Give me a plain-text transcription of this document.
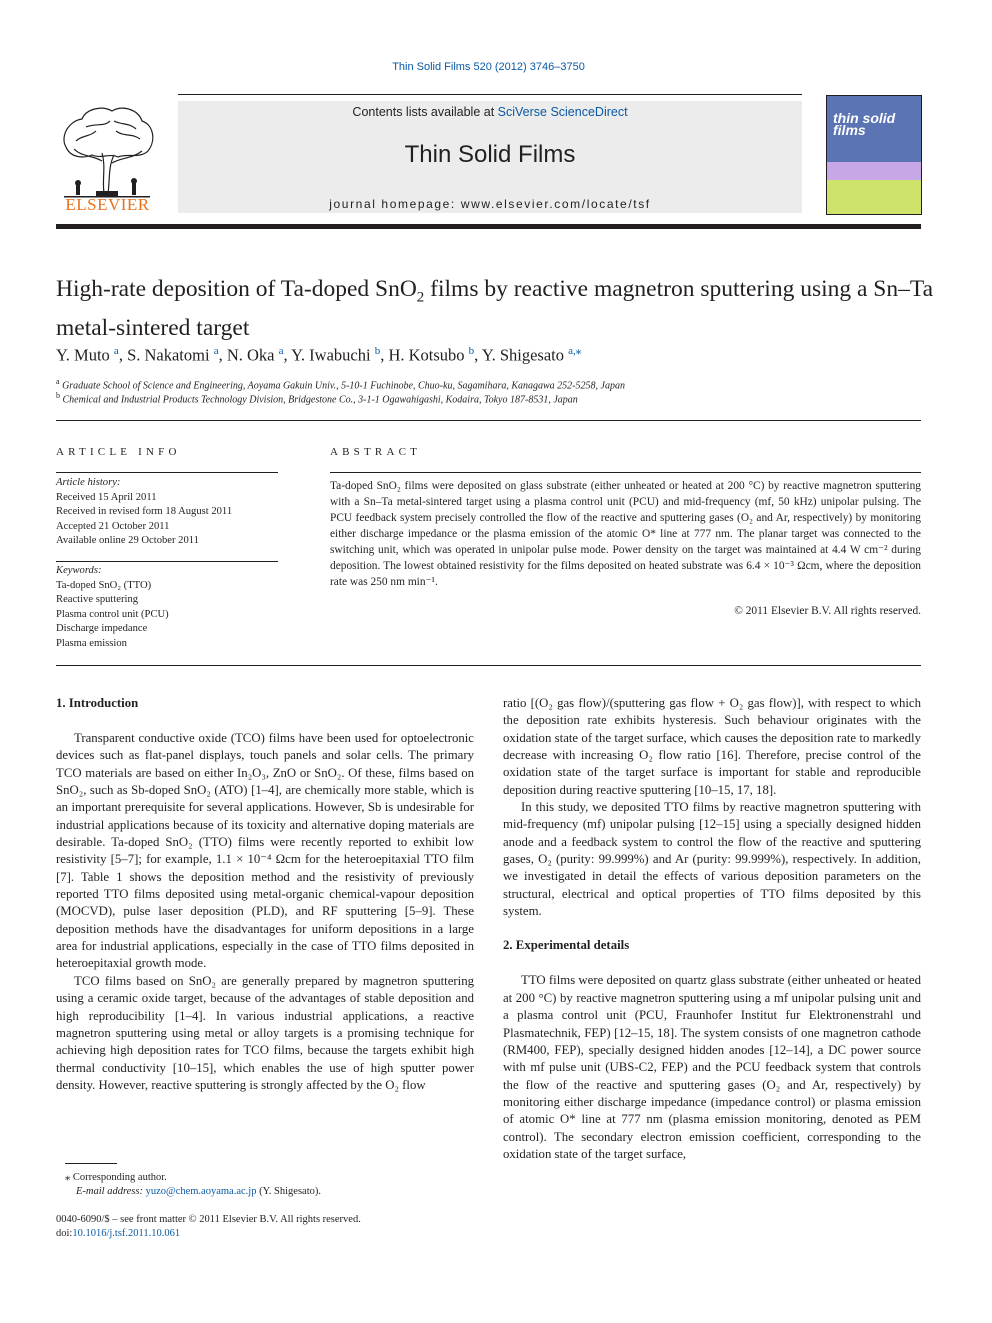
Thin Solid Films 520 (2012) 3746–3750
Contents lists available at SciVerse ScienceDirect
Thin Solid Films
journal homepage: www.elsevier.com/locate/tsf
ELSEVIER
thin solid films
High-rate deposition of Ta-doped SnO$_2$ films by reactive magnetron sputtering using a Sn–Ta metal-sintered target
Y. Muto $^a$, S. Nakatomi $^a$, N. Oka $^a$, Y. Iwabuchi $^b$, H. Kotsubo $^b$, Y. Shigesato $^{a,⁎}$
$^a$ Graduate School of Science and Engineering, Aoyama Gakuin Univ., 5-10-1 Fuchinobe, Chuo-ku, Sagamihara, Kanagawa 252-5258, Japan
$^b$ Chemical and Industrial Products Technology Division, Bridgestone Co., 3-1-1 Ogawahigashi, Kodaira, Tokyo 187-8531, Japan
ARTICLE INFO	ABSTRACT
Article history:
Received 15 April 2011
Received in revised form 18 August 2011
Accepted 21 October 2011
Available online 29 October 2011
Keywords:
Ta-doped SnO₂ (TTO)
Reactive sputtering
Plasma control unit (PCU)
Discharge impedance
Plasma emission
Ta-doped SnO₂ films were deposited on glass substrate (either unheated or heated at 200 °C) by reactive magnetron sputtering with a Sn–Ta metal-sintered target using a plasma control unit (PCU) and mid-frequency (mf, 50 kHz) unipolar pulsing. The PCU feedback system precisely controlled the flow of the reactive and sputtering gases (O₂ and Ar, respectively) by monitoring either discharge impedance or the plasma emission of the atomic O* line at 777 nm. The planar target was connected to the switching unit, which was operated in unipolar pulse mode. Power density on the target was maintained at 4.4 W cm⁻² during deposition. The lowest obtained resistivity for the films deposited on heated substrate was 6.4 × 10⁻³ Ωcm, where the deposition rate was 250 nm min⁻¹.
© 2011 Elsevier B.V. All rights reserved.
1. Introduction

Transparent conductive oxide (TCO) films have been used for optoelectronic devices such as flat-panel displays, touch panels and solar cells. The primary TCO materials are based on either In₂O₃, ZnO or SnO₂. Of these, films based on SnO₂, such as Sb-doped SnO₂ (ATO) [1–4], are chemically more stable, which is an important prerequisite for several applications. However, Sb is undesirable for industrial applications because of its toxicity and alternative doping materials are desirable. Ta-doped SnO₂ (TTO) films were recently reported to exhibit low resistivity [5–7]; for example, 1.1 × 10⁻⁴ Ωcm for the heteroepitaxial TTO film [7]. Table 1 shows the deposition method and the resistivity of previously reported TTO films deposited using metal-organic chemical-vapour deposition (MOCVD), pulse laser deposition (PLD), and RF sputtering [5–9]. These deposition methods have the disadvantages for uniform depositions in a large area for industrial applications, especially in the case of TTO films deposited in heteroepitaxial growth mode.

TCO films based on SnO₂ are generally prepared by magnetron sputtering using a ceramic oxide target, because of the advantages of stable deposition and high reproducibility [1–4]. In various industrial applications, a reactive magnetron sputtering using metal or alloy targets is a promising technique for achieving high deposition rates for TCO films, because the targets exhibit high thermal conductivity [10–15], which enables the use of high sputter power density. However, reactive sputtering is strongly affected by the O₂ flow

ratio [(O₂ gas flow)/(sputtering gas flow + O₂ gas flow)], with respect to which the deposition rate exhibits hysteresis. Such behaviour originates with the oxidation state of the target surface, which causes the deposition rate to markedly decrease with increasing O₂ flow ratio [16]. Therefore, precise control of the oxidation state of the target surface is important for stable and reproducible deposition during reactive sputtering [10–15, 17, 18].

In this study, we deposited TTO films by reactive magnetron sputtering with mid-frequency (mf) unipolar pulsing [12–15] using a specially designed hidden anode and a feedback system to control the flow of the reactive and sputtering gases, O₂ (purity: 99.999%) and Ar (purity: 99.999%), respectively. In addition, we investigated in detail the effects of various deposition parameters on the structural, electrical and optical properties of TTO films deposited by this system.

2. Experimental details

TTO films were deposited on quartz glass substrate (either unheated or heated at 200 °C) by reactive magnetron sputtering using a mf unipolar pulsing unit and a plasma control unit (PCU, Fraunhofer Institut fur Elektronenstrahl und Plasmatechnik, FEP) [12–15, 18]. The system consists of one magnetron cathode (RM400, FEP), specially designed hidden anodes [12–14], a DC power source with mf pulse unit (UBS-C2, FEP) and the PCU feedback system that controls the flow of the reactive and sputtering gases (O₂ and Ar, respectively) by monitoring either discharge impedance (impedance control) or plasma emission of atomic O* line at 777 nm (plasma emission monitoring, denoted as PEM control). The secondary electron emission coefficient, corresponding to the oxidation state of the target surface,

⁎ Corresponding author.
E-mail address: yuzo@chem.aoyama.ac.jp (Y. Shigesato).
0040-6090/$ – see front matter © 2011 Elsevier B.V. All rights reserved.
doi:10.1016/j.tsf.2011.10.061
